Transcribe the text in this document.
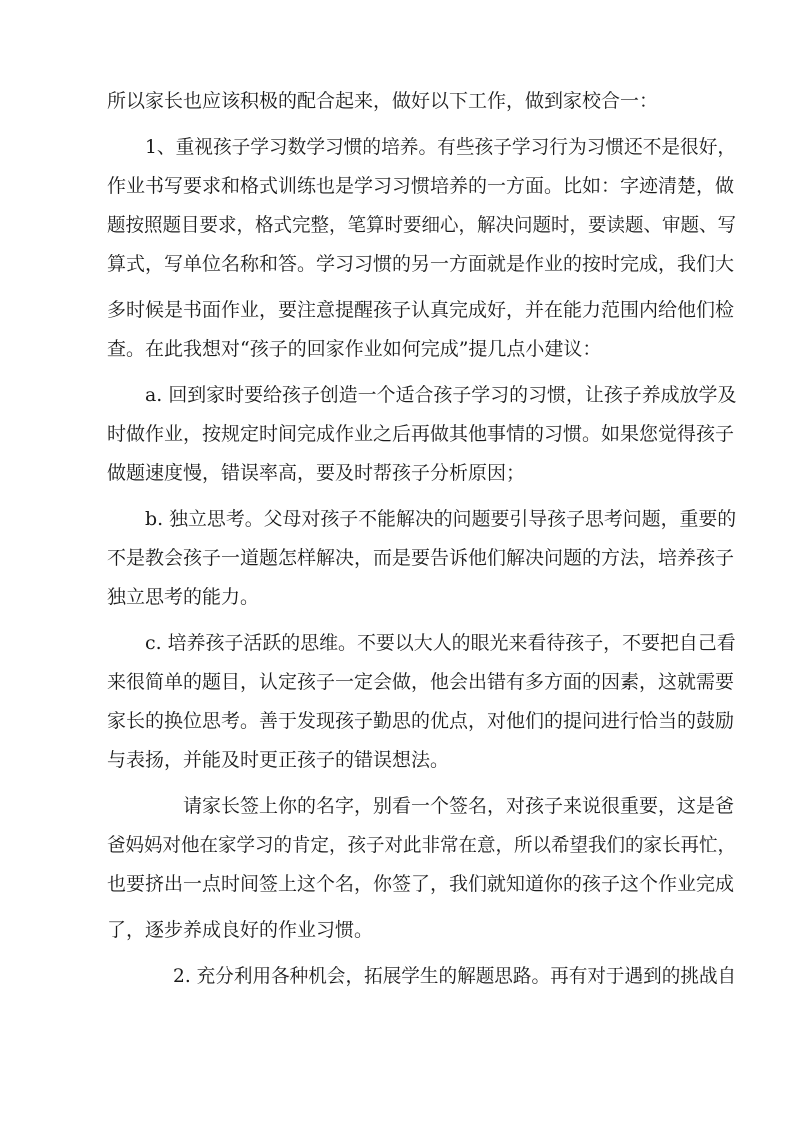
所以家长也应该积极的配合起来，做好以下工作，做到家校合一：
1、重视孩子学习数学习惯的培养。有些孩子学习行为习惯还不是很好，
作业书写要求和格式训练也是学习习惯培养的一方面。比如：字迹清楚，做
题按照题目要求，格式完整，笔算时要细心，解决问题时，要读题、审题、写
算式，写单位名称和答。学习习惯的另一方面就是作业的按时完成，我们大
多时候是书面作业，要注意提醒孩子认真完成好，并在能力范围内给他们检
查。在此我想对“孩子的回家作业如何完成”提几点小建议：
a. 回到家时要给孩子创造一个适合孩子学习的习惯，让孩子养成放学及
时做作业，按规定时间完成作业之后再做其他事情的习惯。如果您觉得孩子
做题速度慢，错误率高，要及时帮孩子分析原因；
b. 独立思考。父母对孩子不能解决的问题要引导孩子思考问题，重要的
不是教会孩子一道题怎样解决，而是要告诉他们解决问题的方法，培养孩子
独立思考的能力。
c. 培养孩子活跃的思维。不要以大人的眼光来看待孩子，不要把自己看
来很简单的题目，认定孩子一定会做，他会出错有多方面的因素，这就需要
家长的换位思考。善于发现孩子勤思的优点，对他们的提问进行恰当的鼓励
与表扬，并能及时更正孩子的错误想法。
请家长签上你的名字，别看一个签名，对孩子来说很重要，这是爸
爸妈妈对他在家学习的肯定，孩子对此非常在意，所以希望我们的家长再忙，
也要挤出一点时间签上这个名，你签了，我们就知道你的孩子这个作业完成
了，逐步养成良好的作业习惯。
2. 充分利用各种机会，拓展学生的解题思路。再有对于遇到的挑战自
